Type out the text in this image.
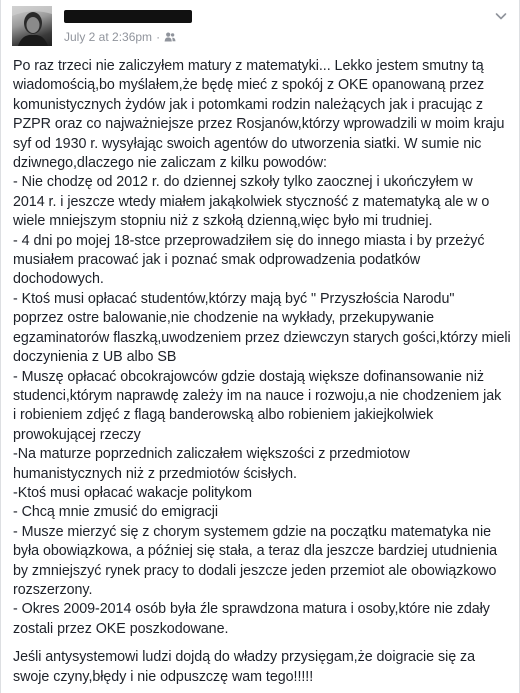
July 2 at 2:36pm ·
Po raz trzeci nie zaliczyłem matury z matematyki... Lekko jestem smutny tą
wiadomością,bo myślałem,że będę mieć z spokój z OKE opanowaną przez
komunistycznych żydów jak i potomkami rodzin należących jak i pracując z
PZPR oraz co najważniejsze przez Rosjanów,którzy wprowadzili w moim kraju
syf od 1930 r. wysyłając swoich agentów do utworzenia siatki. W sumie nic
dziwnego,dlaczego nie zaliczam z kilku powodów:
- Nie chodzę od 2012 r. do dziennej szkoły tylko zaocznej i ukończyłem w
2014 r. i jeszcze wtedy miałem jakąkolwiek styczność z matematyką ale w o
wiele mniejszym stopniu niż z szkołą dzienną,więc było mi trudniej.
- 4 dni po mojej 18-stce przeprowadziłem się do innego miasta i by przeżyć
musiałem pracować jak i poznać smak odprowadzenia podatków
dochodowych.
- Ktoś musi opłacać studentów,którzy mają być " Przyszłościa Narodu"
poprzez ostre balowanie,nie chodzenie na wykłady, przekupywanie
egzaminatorów flaszką,uwodzeniem przez dziewczyn starych gości,którzy mieli
doczynienia z UB albo SB
- Muszę opłacać obcokrajowców gdzie dostają większe dofinansowanie niż
studenci,którym naprawdę zależy im na nauce i rozwoju,a nie chodzeniem jak
i robieniem zdjęć z flagą banderowską albo robieniem jakiejkolwiek
prowokującej rzeczy
-Na maturze poprzednich zaliczałem większości z przedmiotow
humanistycznych niż z przedmiotów ścisłych.
-Ktoś musi opłacać wakacje politykom
- Chcą mnie zmusić do emigracji
- Musze mierzyć się z chorym systemem gdzie na początku matematyka nie
była obowiązkowa, a później się stała, a teraz dla jeszcze bardziej utudnienia
by zmniejszyć rynek pracy to dodali jeszcze jeden przemiot ale obowiązkowo
rozszerzony.
- Okres 2009-2014 osób była źle sprawdzona matura i osoby,które nie zdały
zostali przez OKE poszkodowane.
Jeśli antysystemowi ludzi dojdą do władzy przysięgam,że doigracie się za
swoje czyny,błędy i nie odpuszczę wam tego!!!!!
